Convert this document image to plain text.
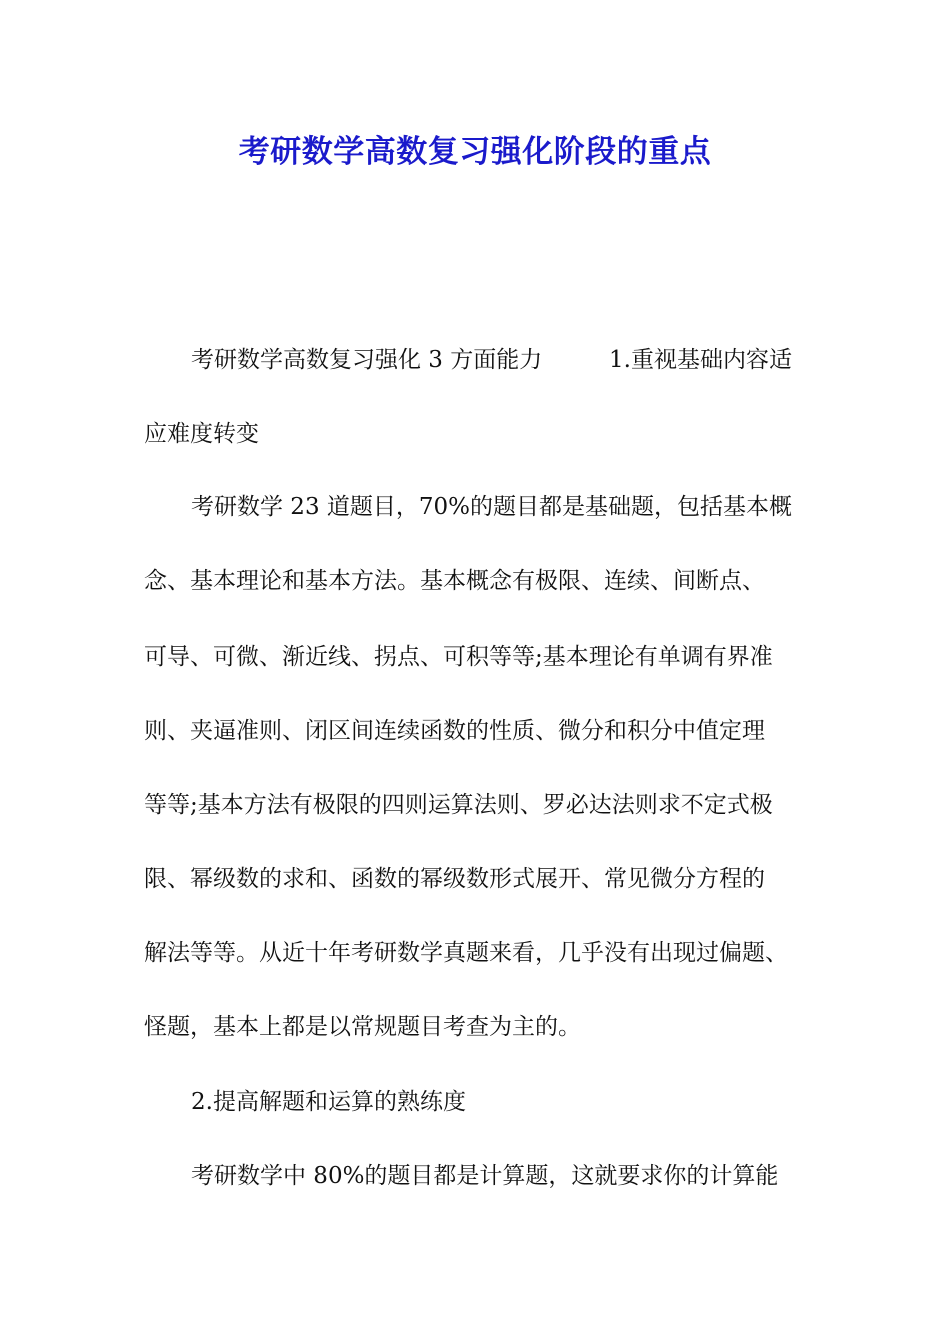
考研数学高数复习强化阶段的重点
考研数学高数复习强化 3 方面能力	1.重视基础内容适
应难度转变
考研数学 23 道题目，70%的题目都是基础题，包括基本概
念、基本理论和基本方法。基本概念有极限、连续、间断点、
可导、可微、渐近线、拐点、可积等等;基本理论有单调有界准
则、夹逼准则、闭区间连续函数的性质、微分和积分中值定理
等等;基本方法有极限的四则运算法则、罗必达法则求不定式极
限、幂级数的求和、函数的幂级数形式展开、常见微分方程的
解法等等。从近十年考研数学真题来看，几乎没有出现过偏题、
怪题，基本上都是以常规题目考查为主的。
2.提高解题和运算的熟练度
考研数学中 80%的题目都是计算题，这就要求你的计算能
